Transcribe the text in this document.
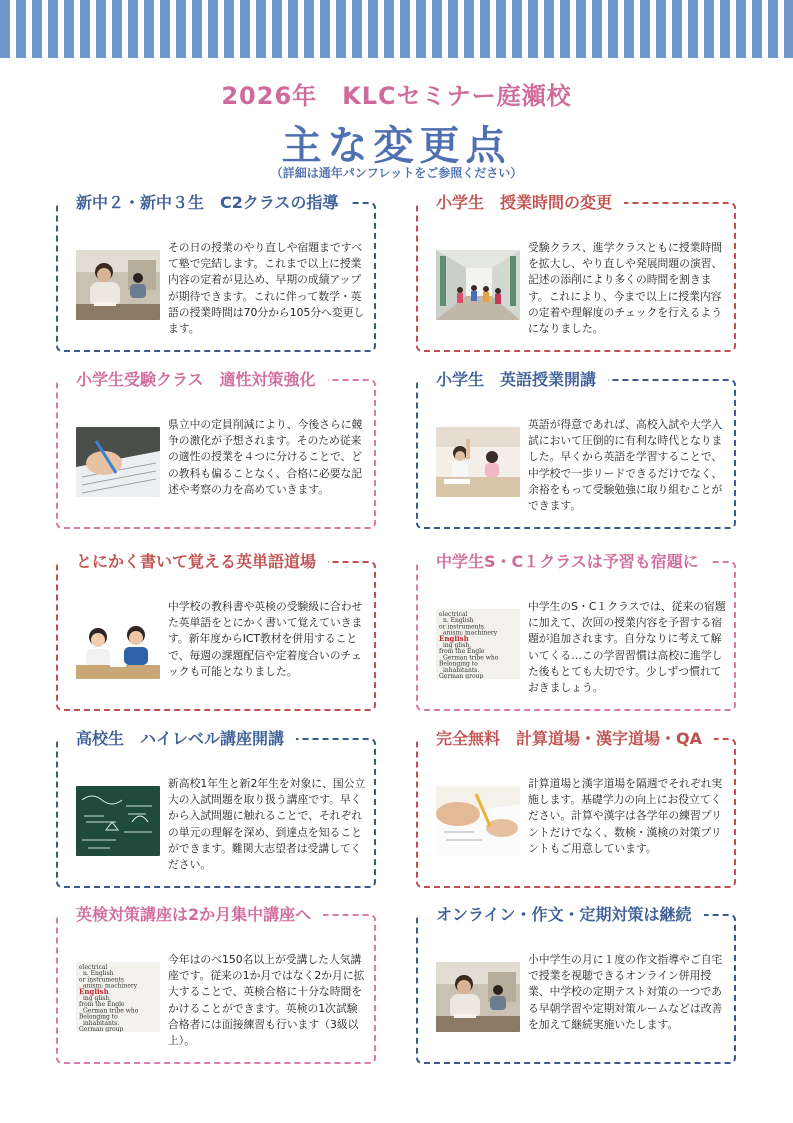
2026年　KLCセミナー庭瀬校
主な変更点
（詳細は通年パンフレットをご参照ください）
新中２・新中３生　C2クラスの指導
その日の授業のやり直しや宿題まですべて塾で完結します。これまで以上に授業内容の定着が見込め、早期の成績アップが期待できます。これに伴って数学・英語の授業時間は70分から105分へ変更します。
小学生　授業時間の変更
受験クラス、進学クラスともに授業時間を拡大し、やり直しや発展問題の演習、記述の添削により多くの時間を割きます。これにより、今まで以上に授業内容の定着や理解度のチェックを行えるようになりました。
小学生受験クラス　適性対策強化
県立中の定員削減により、今後さらに競争の激化が予想されます。そのため従来の適性の授業を４つに分けることで、どの教科も偏ることなく、合格に必要な記述や考察の力を高めていきます。
小学生　英語授業開講
英語が得意であれば、高校入試や大学入試において圧倒的に有利な時代となりました。早くから英語を学習することで、中学校で一歩リードできるだけでなく、余裕をもって受験勉強に取り組むことができます。
とにかく書いて覚える英単語道場
中学校の教科書や英検の受験級に合わせた英単語をとにかく書いて覚えていきます。新年度からICT教材を併用することで、毎週の課題配信や定着度合いのチェックも可能となりました。
中学生S・C１クラスは予習も宿題に
electrical
n. English
or instruments
anism; machinery
English
ing glish,
from the Engle
German tribe who
Belonging to
inhabitants.
German group
中学生のS・C１クラスでは、従来の宿題に加えて、次回の授業内容を予習する宿題が追加されます。自分なりに考えて解いてくる…この学習習慣は高校に進学した後もとても大切です。少しずつ慣れておきましょう。
高校生　ハイレベル講座開講
新高校1年生と新2年生を対象に、国公立大の入試問題を取り扱う講座です。早くから入試問題に触れることで、それぞれの単元の理解を深め、到達点を知ることができます。難関大志望者は受講してください。
完全無料　計算道場・漢字道場・QA
計算道場と漢字道場を隔週でそれぞれ実施します。基礎学力の向上にお役立てください。計算や漢字は各学年の練習プリントだけでなく、数検・漢検の対策プリントもご用意しています。
英検対策講座は2か月集中講座へ
electrical
n. English
or instruments
anism; machinery
English
ing glish,
from the Engle
German tribe who
Belonging to
inhabitants.
German group
今年はのべ150名以上が受講した人気講座です。従来の1か月ではなく2か月に拡大することで、英検合格に十分な時間をかけることができます。英検の1次試験合格者には面接練習も行います（3級以上）。
オンライン・作文・定期対策は継続
小中学生の月に１度の作文指導やご自宅で授業を視聴できるオンライン併用授業、中学校の定期テスト対策の一つである早朝学習や定期対策ルームなどは改善を加えて継続実施いたします。
